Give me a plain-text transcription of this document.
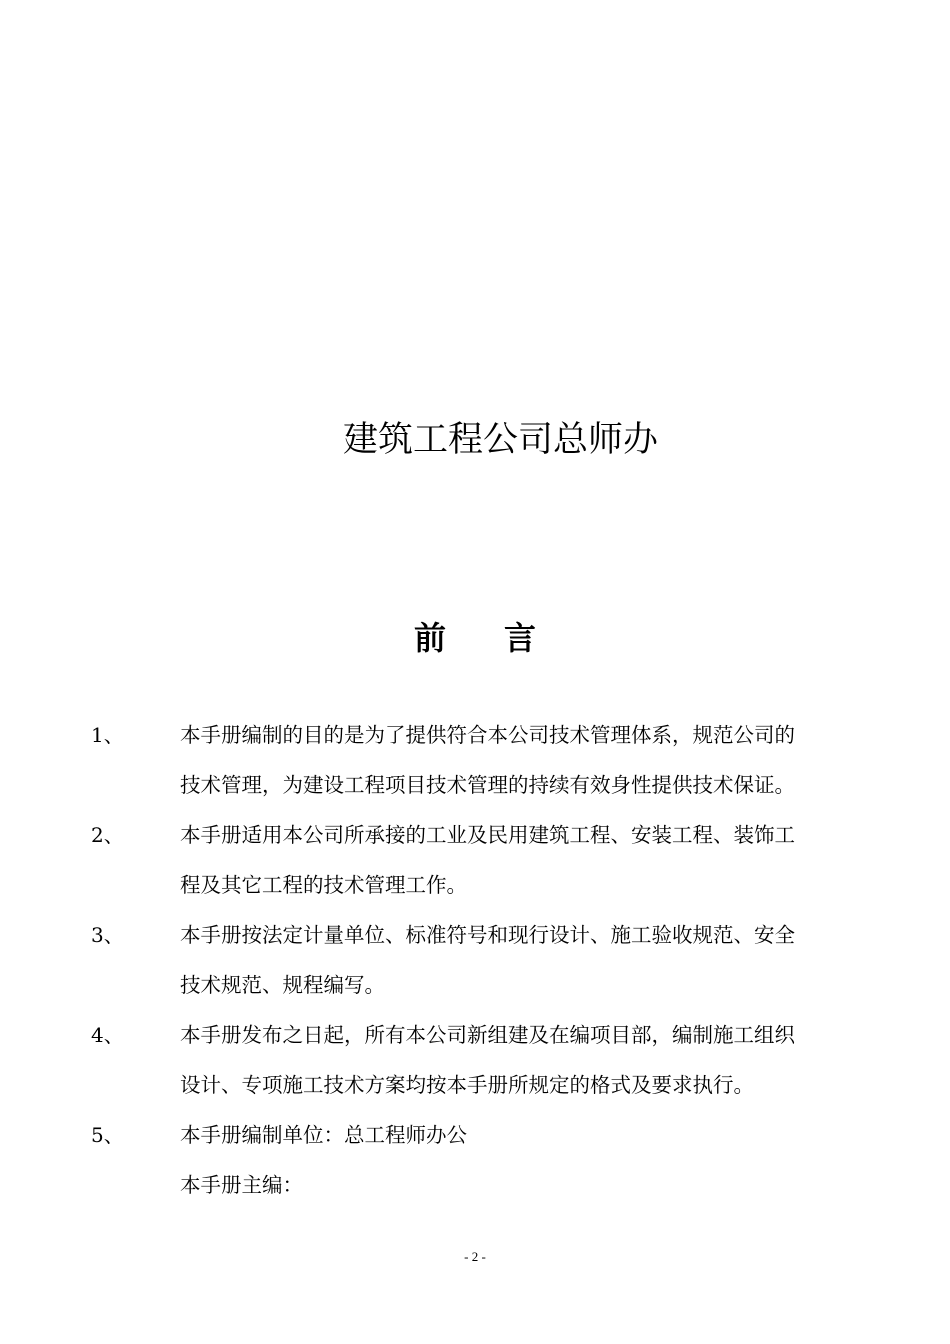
建筑工程公司总师办
前 言
1、	本手册编制的目的是为了提供符合本公司技术管理体系，规范公司的
技术管理，为建设工程项目技术管理的持续有效身性提供技术保证。
2、	本手册适用本公司所承接的工业及民用建筑工程、安装工程、装饰工
程及其它工程的技术管理工作。
3、	本手册按法定计量单位、标准符号和现行设计、施工验收规范、安全
技术规范、规程编写。
4、	本手册发布之日起，所有本公司新组建及在编项目部，编制施工组织
设计、专项施工技术方案均按本手册所规定的格式及要求执行。
5、	本手册编制单位：总工程师办公
本手册主编：
- 2 -
